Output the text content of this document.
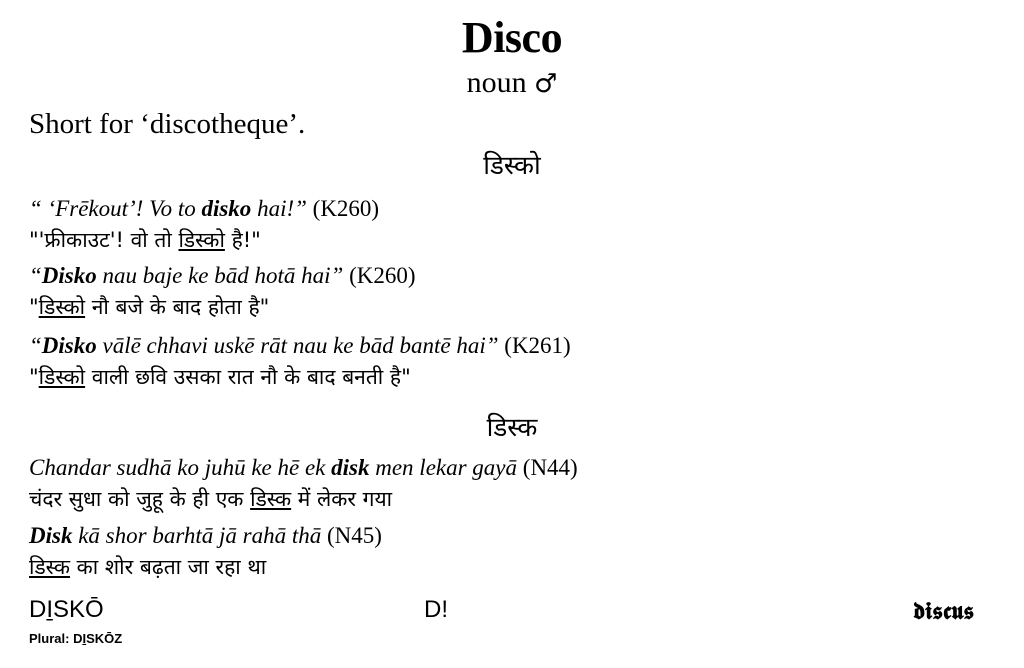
Disco
noun ♂
Short for ‘discotheque’.
डिस्को
“ ‘Frēkout’! Vo to disko hai!” (K260)
"'फ्रीकाउट'! वो तो डिस्को है!"
“Disko nau baje ke bād hotā hai” (K260)
"डिस्को नौ बजे के बाद होता है"
“Disko vālē chhavi uskē rāt nau ke bād bantē hai” (K261)
"डिस्को वाली छवि उसका रात नौ के बाद बनती है"
डिस्क
Chandar sudhā ko juhū ke hē ek disk men lekar gayā (N44)
चंदर सुधा को जुहू के ही एक डिस्क में लेकर गया
Disk kā shor barhtā jā rahā thā (N45)
डिस्क का शोर बढ़ता जा रहा था
DI̱SKŌ
Plural: DI̱SKŌZ
D!	𝖉𝖎𝖘𝖈𝖚𝖘
